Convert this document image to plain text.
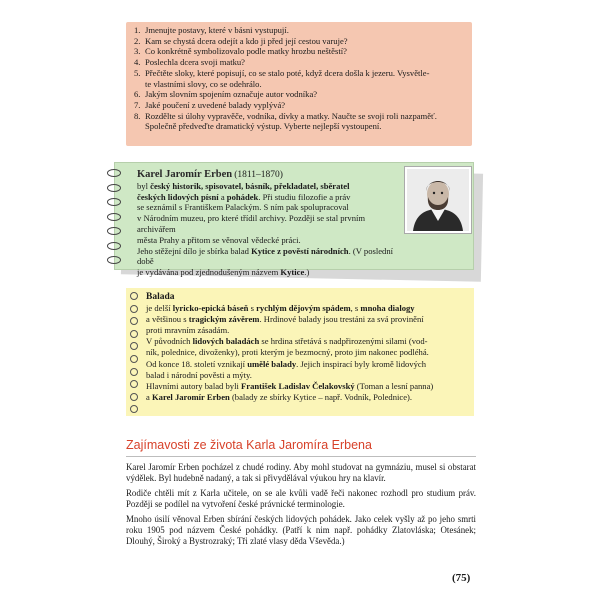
1. Jmenujte postavy, které v básni vystupují.
2. Kam se chystá dcera odejít a kdo ji před její cestou varuje?
3. Co konkrétně symbolizovalo podle matky hrozbu neštěstí?
4. Poslechla dcera svoji matku?
5. Přečtěte sloky, které popisují, co se stalo poté, když dcera došla k jezeru. Vysvětle-
te vlastními slovy, co se odehrálo.
6. Jakým slovním spojením označuje autor vodníka?
7. Jaké poučení z uvedené balady vyplývá?
8. Rozdělte si úlohy vypravěče, vodníka, dívky a matky. Naučte se svoji roli nazpaměť.
Společně předveďte dramatický výstup. Vyberte nejlepší vystoupení.
Karel Jaromír Erben (1811–1870)
byl český historik, spisovatel, básník, překladatel, sběratel
českých lidových písní a pohádek. Při studiu filozofie a práv
se seznámil s Františkem Palackým. S ním pak spolupracoval
v Národním muzeu, pro které třídil archivy. Později se stal prvním archivářem
města Prahy a přitom se věnoval vědecké práci.
Jeho stěžejní dílo je sbírka balad Kytice z pověstí národních. (V poslední době
je vydávána pod zjednodušeným názvem Kytice.)
Balada
je delší lyricko-epická báseň s rychlým dějovým spádem, s mnoha dialogy
a většinou s tragickým závěrem. Hrdinové balady jsou trestáni za svá provinění
proti mravním zásadám.
V původních lidových baladách se hrdina střetává s nadpřirozenými silami (vod-
ník, polednice, divoženky), proti kterým je bezmocný, proto jim nakonec podléhá.
Od konce 18. století vznikají umělé balady. Jejich inspirací byly kromě lidových
balad i národní pověsti a mýty.
Hlavními autory balad byli František Ladislav Čelakovský (Toman a lesní panna)
a Karel Jaromír Erben (balady ze sbírky Kytice – např. Vodník, Polednice).
Zajímavosti ze života Karla Jaromíra Erbena

Karel Jaromír Erben pocházel z chudé rodiny. Aby mohl studovat na gymnáziu, musel si obstarat výdělek. Byl hudebně nadaný, a tak si přivydělával výukou hry na klavír.

Rodiče chtěli mít z Karla učitele, on se ale kvůli vadě řeči nakonec rozhodl pro studium práv. Později se podílel na vytvoření české právnické terminologie.

Mnoho úsilí věnoval Erben sbírání českých lidových pohádek. Jako celek vyšly až po jeho smrti roku 1905 pod názvem České pohádky. (Patří k nim např. pohádky Zlatovláska; Otesánek; Dlouhý, Široký a Bystrozraký; Tři zlaté vlasy děda Vševěda.)

(75)
